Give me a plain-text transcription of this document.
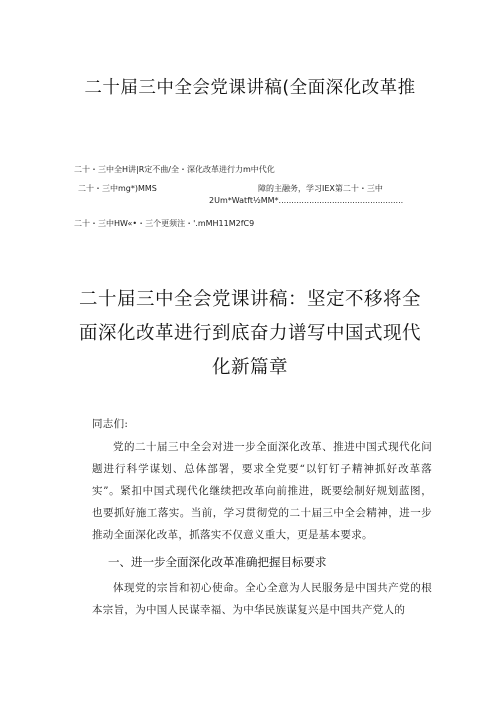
二十届三中全会党课讲稿(全面深化改革推
二十・三中全H讲|R定不曲/全・深化改革进行力m中代化
二十・三中mg*)MMS	障的主融务，学习IEX第二十・三中
2Um*Watft½MM*.................................................
二十・三中HW«•・三个更须注・'.mMH11M2fC9
二十届三中全会党课讲稿：坚定不移将全
面深化改革进行到底奋力谱写中国式现代
化新篇章
同志们:
党的二十届三中全会对进一步全面深化改革、推进中国式现代化问题进行科学谋划、总体部署，要求全党要“以钉钉子精神抓好改革落实”。紧扣中国式现代化继续把改革向前推进，既要绘制好规划蓝图，也要抓好施工落实。当前，学习贯彻党的二十届三中全会精神，进一步推动全面深化改革，抓落实不仅意义重大，更是基本要求。
一、进一步全面深化改革准确把握目标要求
体现党的宗旨和初心使命。全心全意为人民服务是中国共产党的根本宗旨，为中国人民谋幸福、为中华民族谋复兴是中国共产党人的
